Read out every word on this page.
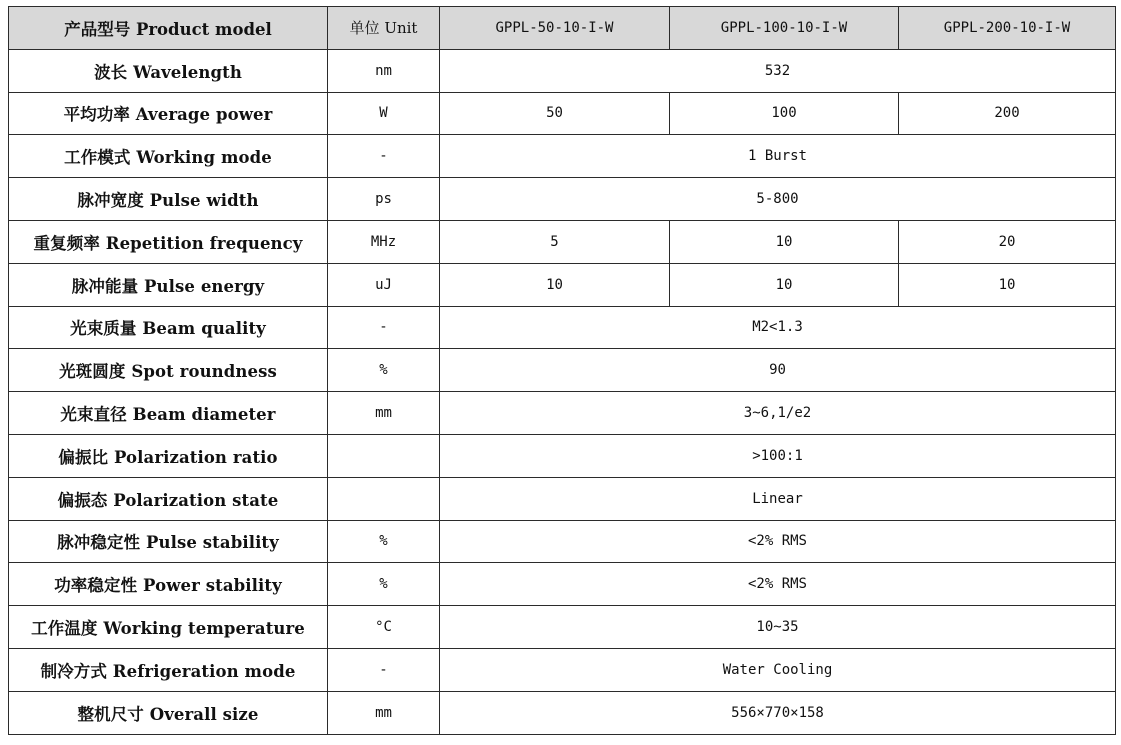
产品型号 Product model	单位 Unit	GPPL-50-10-I-W	GPPL-100-10-I-W	GPPL-200-10-I-W
波长 Wavelength	nm	532		
平均功率 Average power	W	50	100	200
工作模式 Working mode	-	1 Burst		
脉冲宽度 Pulse width	ps	5-800		
重复频率 Repetition frequency	MHz	5	10	20
脉冲能量 Pulse energy	uJ	10	10	10
光束质量 Beam quality	-	M2<1.3		
光斑圆度 Spot roundness	%	90		
光束直径 Beam diameter	mm	3~6,1/e2		
偏振比 Polarization ratio		>100:1		
偏振态 Polarization state		Linear		
脉冲稳定性 Pulse stability	%	<2% RMS		
功率稳定性 Power stability	%	<2% RMS		
工作温度 Working temperature	°C	10~35		
制冷方式 Refrigeration mode	-	Water Cooling		
整机尺寸 Overall size	mm	556×770×158		
